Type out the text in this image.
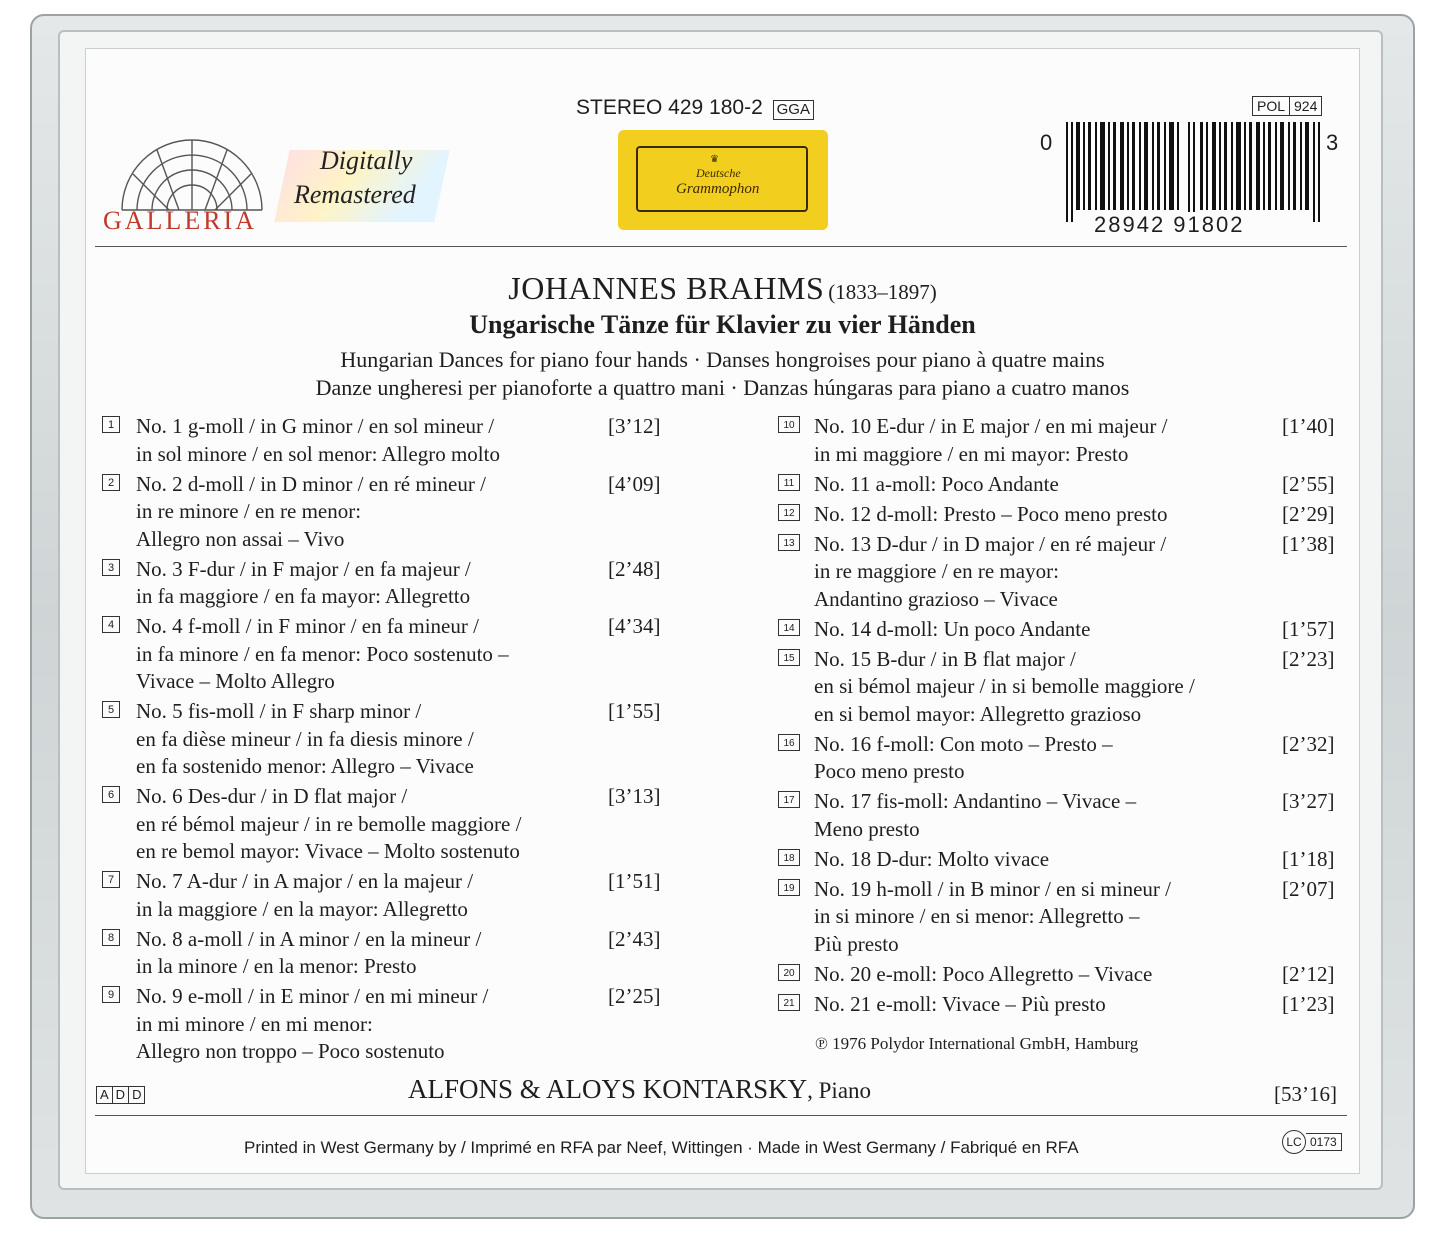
STEREO 429 180-2 GGA	POL 924
GALLERIA
Digitally
Remastered
♛
Deutsche
Grammophon
0	3
28942 91802
JOHANNES BRAHMS (1833–1897)
Ungarische Tänze für Klavier zu vier Händen
Hungarian Dances for piano four hands · Danses hongroises pour piano à quatre mains
Danze ungheresi per pianoforte a quattro mani · Danzas húngaras para piano a cuatro manos
1 No. 1 g-moll / in G minor / en sol mineur /
in sol minore / en sol menor: Allegro molto
[3’12]
2 No. 2 d-moll / in D minor / en ré mineur /
in re minore / en re menor:
Allegro non assai – Vivo
[4’09]
3 No. 3 F-dur / in F major / en fa majeur /
in fa maggiore / en fa mayor: Allegretto
[2’48]
4 No. 4 f-moll / in F minor / en fa mineur /
in fa minore / en fa menor: Poco sostenuto –
Vivace – Molto Allegro
[4’34]
5 No. 5 fis-moll / in F sharp minor /
en fa dièse mineur / in fa diesis minore /
en fa sostenido menor: Allegro – Vivace
[1’55]
6 No. 6 Des-dur / in D flat major /
en ré bémol majeur / in re bemolle maggiore /
en re bemol mayor: Vivace – Molto sostenuto
[3’13]
7 No. 7 A-dur / in A major / en la majeur /
in la maggiore / en la mayor: Allegretto
[1’51]
8 No. 8 a-moll / in A minor / en la mineur /
in la minore / en la menor: Presto
[2’43]
9 No. 9 e-moll / in E minor / en mi mineur /
in mi minore / en mi menor:
Allegro non troppo – Poco sostenuto
[2’25]
10 No. 10 E-dur / in E major / en mi majeur /
in mi maggiore / en mi mayor: Presto
[1’40]
11 No. 11 a-moll: Poco Andante	[2’55]
12 No. 12 d-moll: Presto – Poco meno presto	[2’29]
13 No. 13 D-dur / in D major / en ré majeur /
in re maggiore / en re mayor:
Andantino grazioso – Vivace
[1’38]
14 No. 14 d-moll: Un poco Andante	[1’57]
15 No. 15 B-dur / in B flat major /
en si bémol majeur / in si bemolle maggiore /
en si bemol mayor: Allegretto grazioso
[2’23]
16 No. 16 f-moll: Con moto – Presto –
Poco meno presto
[2’32]
17 No. 17 fis-moll: Andantino – Vivace –
Meno presto
[3’27]
18 No. 18 D-dur: Molto vivace	[1’18]
19 No. 19 h-moll / in B minor / en si mineur /
in si minore / en si menor: Allegretto –
Più presto
[2’07]
20 No. 20 e-moll: Poco Allegretto – Vivace	[2’12]
21 No. 21 e-moll: Vivace – Più presto	[1’23]
℗ 1976 Polydor International GmbH, Hamburg
A D D	ALFONS & ALOYS KONTARSKY, Piano	[53’16]
Printed in West Germany by / Imprimé en RFA par Neef, Wittingen · Made in West Germany / Fabriqué en RFA	LC 0173
